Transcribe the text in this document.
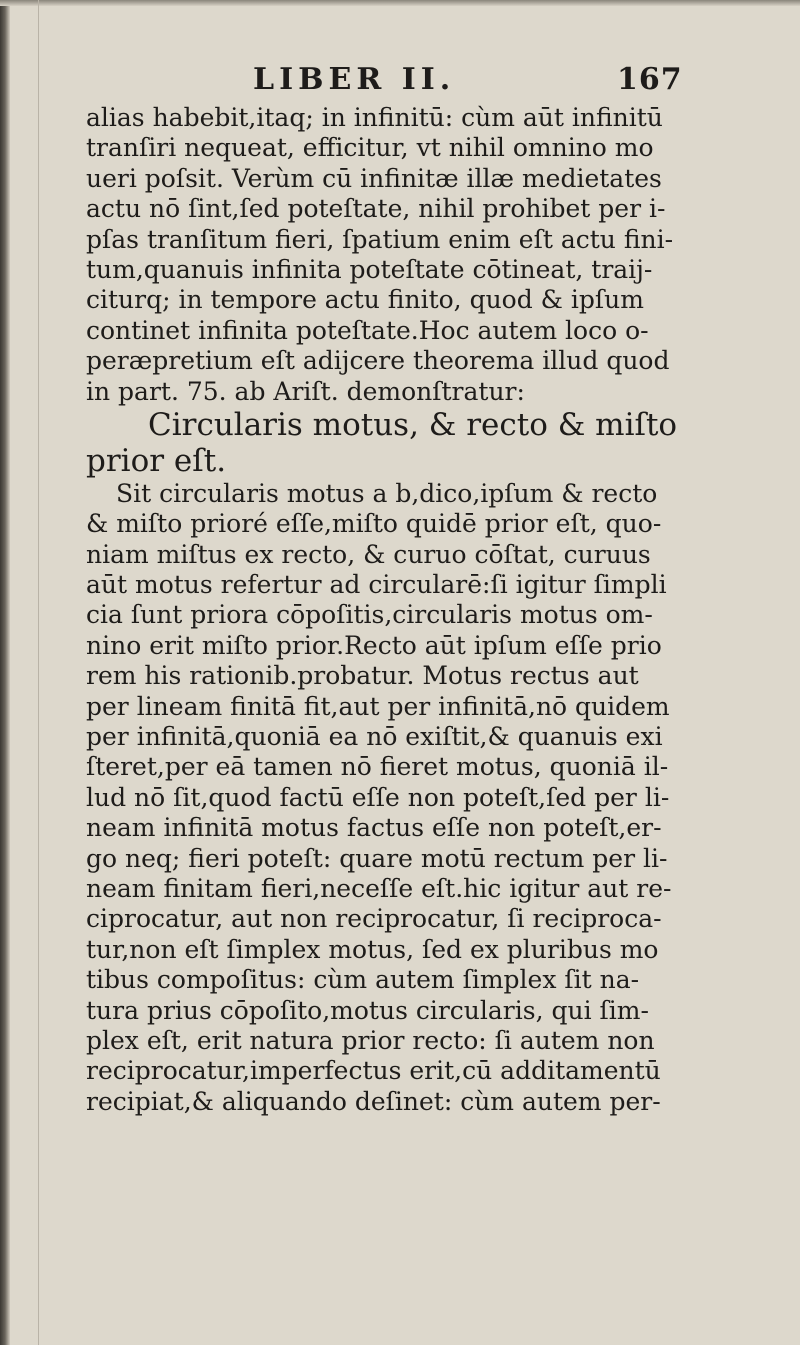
LIBER II.	167
alias habebit,itaq; in infinitū: cùm aūt infinitū
tranſiri nequeat, efficitur, vt nihil omnino mo
ueri poſsit. Verùm cū infinitæ illæ medietates
actu nō ſint,ſed poteſtate, nihil prohibet per i-
pſas tranſitum fieri, ſpatium enim eſt actu fini-
tum,quanuis infinita poteſtate cōtineat, traij-
citurq; in tempore actu finito, quod & ipſum
continet infinita poteſtate.Hoc autem loco o-
peræpretium eſt adijcere theorema illud quod
in part. 75. ab Ariſt. demonſtratur:
Circularis motus, & recto & miſto
prior eſt.
Sit circularis motus a b,dico,ipſum & recto
& miſto prioré eſſe,miſto quidē prior eſt, quo-
niam miſtus ex recto, & curuo cōſtat, curuus
aūt motus refertur ad circularē:ſi igitur ſimpli
cia ſunt priora cōpoſitis,circularis motus om-
nino erit miſto prior.Recto aūt ipſum eſſe prio
rem his rationib.probatur. Motus rectus aut
per lineam finitā fit,aut per infinitā,nō quidem
per infinitā,quoniā ea nō exiſtit,& quanuis exi
ſteret,per eā tamen nō fieret motus, quoniā il-
lud nō ſit,quod factū eſſe non poteſt,ſed per li-
neam infinitā motus factus eſſe non poteſt,er-
go neq; fieri poteſt: quare motū rectum per li-
neam finitam fieri,neceſſe eſt.hic igitur aut re-
ciprocatur, aut non reciprocatur, ſi reciproca-
tur,non eſt ſimplex motus, ſed ex pluribus mo
tibus compoſitus: cùm autem ſimplex ſit na-
tura prius cōpoſito,motus circularis, qui ſim-
plex eſt, erit natura prior recto: ſi autem non
reciprocatur,imperfectus erit,cū additamentū
recipiat,& aliquando deſinet: cùm autem per-
